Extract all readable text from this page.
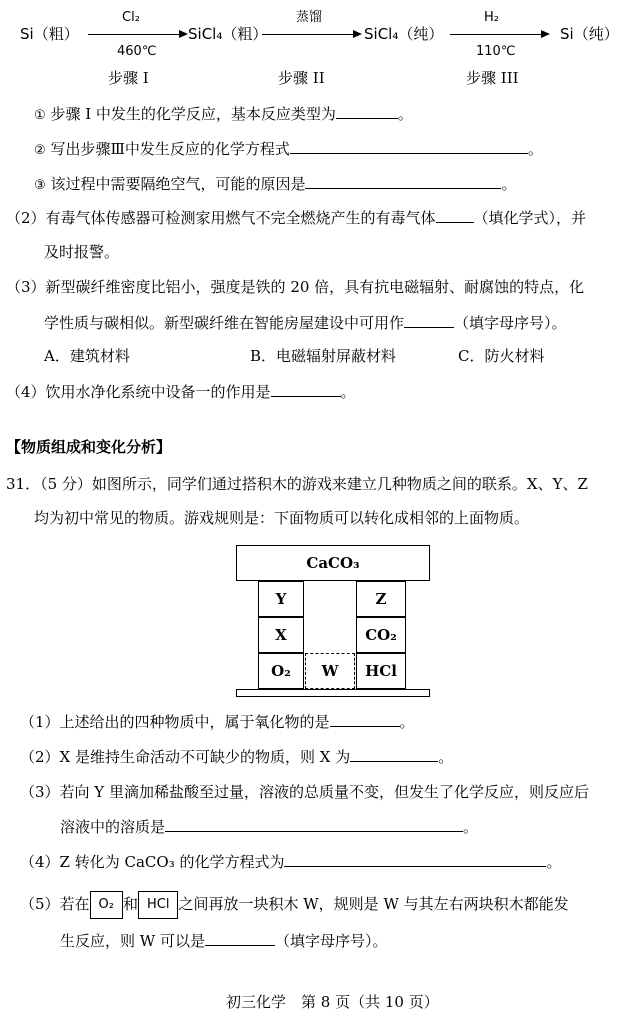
Si（粗）
Cl₂
460℃
SiCl₄（粗）
蒸馏
SiCl₄（纯）
H₂
110℃
Si（纯）
步骤 I	步骤 II	步骤 III
① 步骤 I 中发生的化学反应，基本反应类型为	。
② 写出步骤Ⅲ中发生反应的化学方程式	。
③ 该过程中需要隔绝空气，可能的原因是	。
（2）有毒气体传感器可检测家用燃气不完全燃烧产生的有毒气体	（填化学式），并
及时报警。
（3）新型碳纤维密度比铝小，强度是铁的 20 倍，具有抗电磁辐射、耐腐蚀的特点，化
学性质与碳相似。新型碳纤维在智能房屋建设中可用作	（填字母序号）。
A．建筑材料	B．电磁辐射屏蔽材料	C．防火材料
（4）饮用水净化系统中设备一的作用是	。
【物质组成和变化分析】
31．（5 分）如图所示，同学们通过搭积木的游戏来建立几种物质之间的联系。X、Y、Z
均为初中常见的物质。游戏规则是：下面物质可以转化成相邻的上面物质。
CaCO₃
Y
X
O₂	W
Z
CO₂
HCl
（1）上述给出的四种物质中，属于氧化物的是	。
（2）X 是维持生命活动不可缺少的物质，则 X 为	。
（3）若向 Y 里滴加稀盐酸至过量，溶液的总质量不变，但发生了化学反应，则反应后
溶液中的溶质是	。
（4）Z 转化为 CaCO₃ 的化学方程式为	。
（5）若在 O₂ 和 HCl 之间再放一块积木 W，规则是 W 与其左右两块积木都能发
生反应，则 W 可以是	（填字母序号）。
初三化学　第 8 页（共 10 页）
